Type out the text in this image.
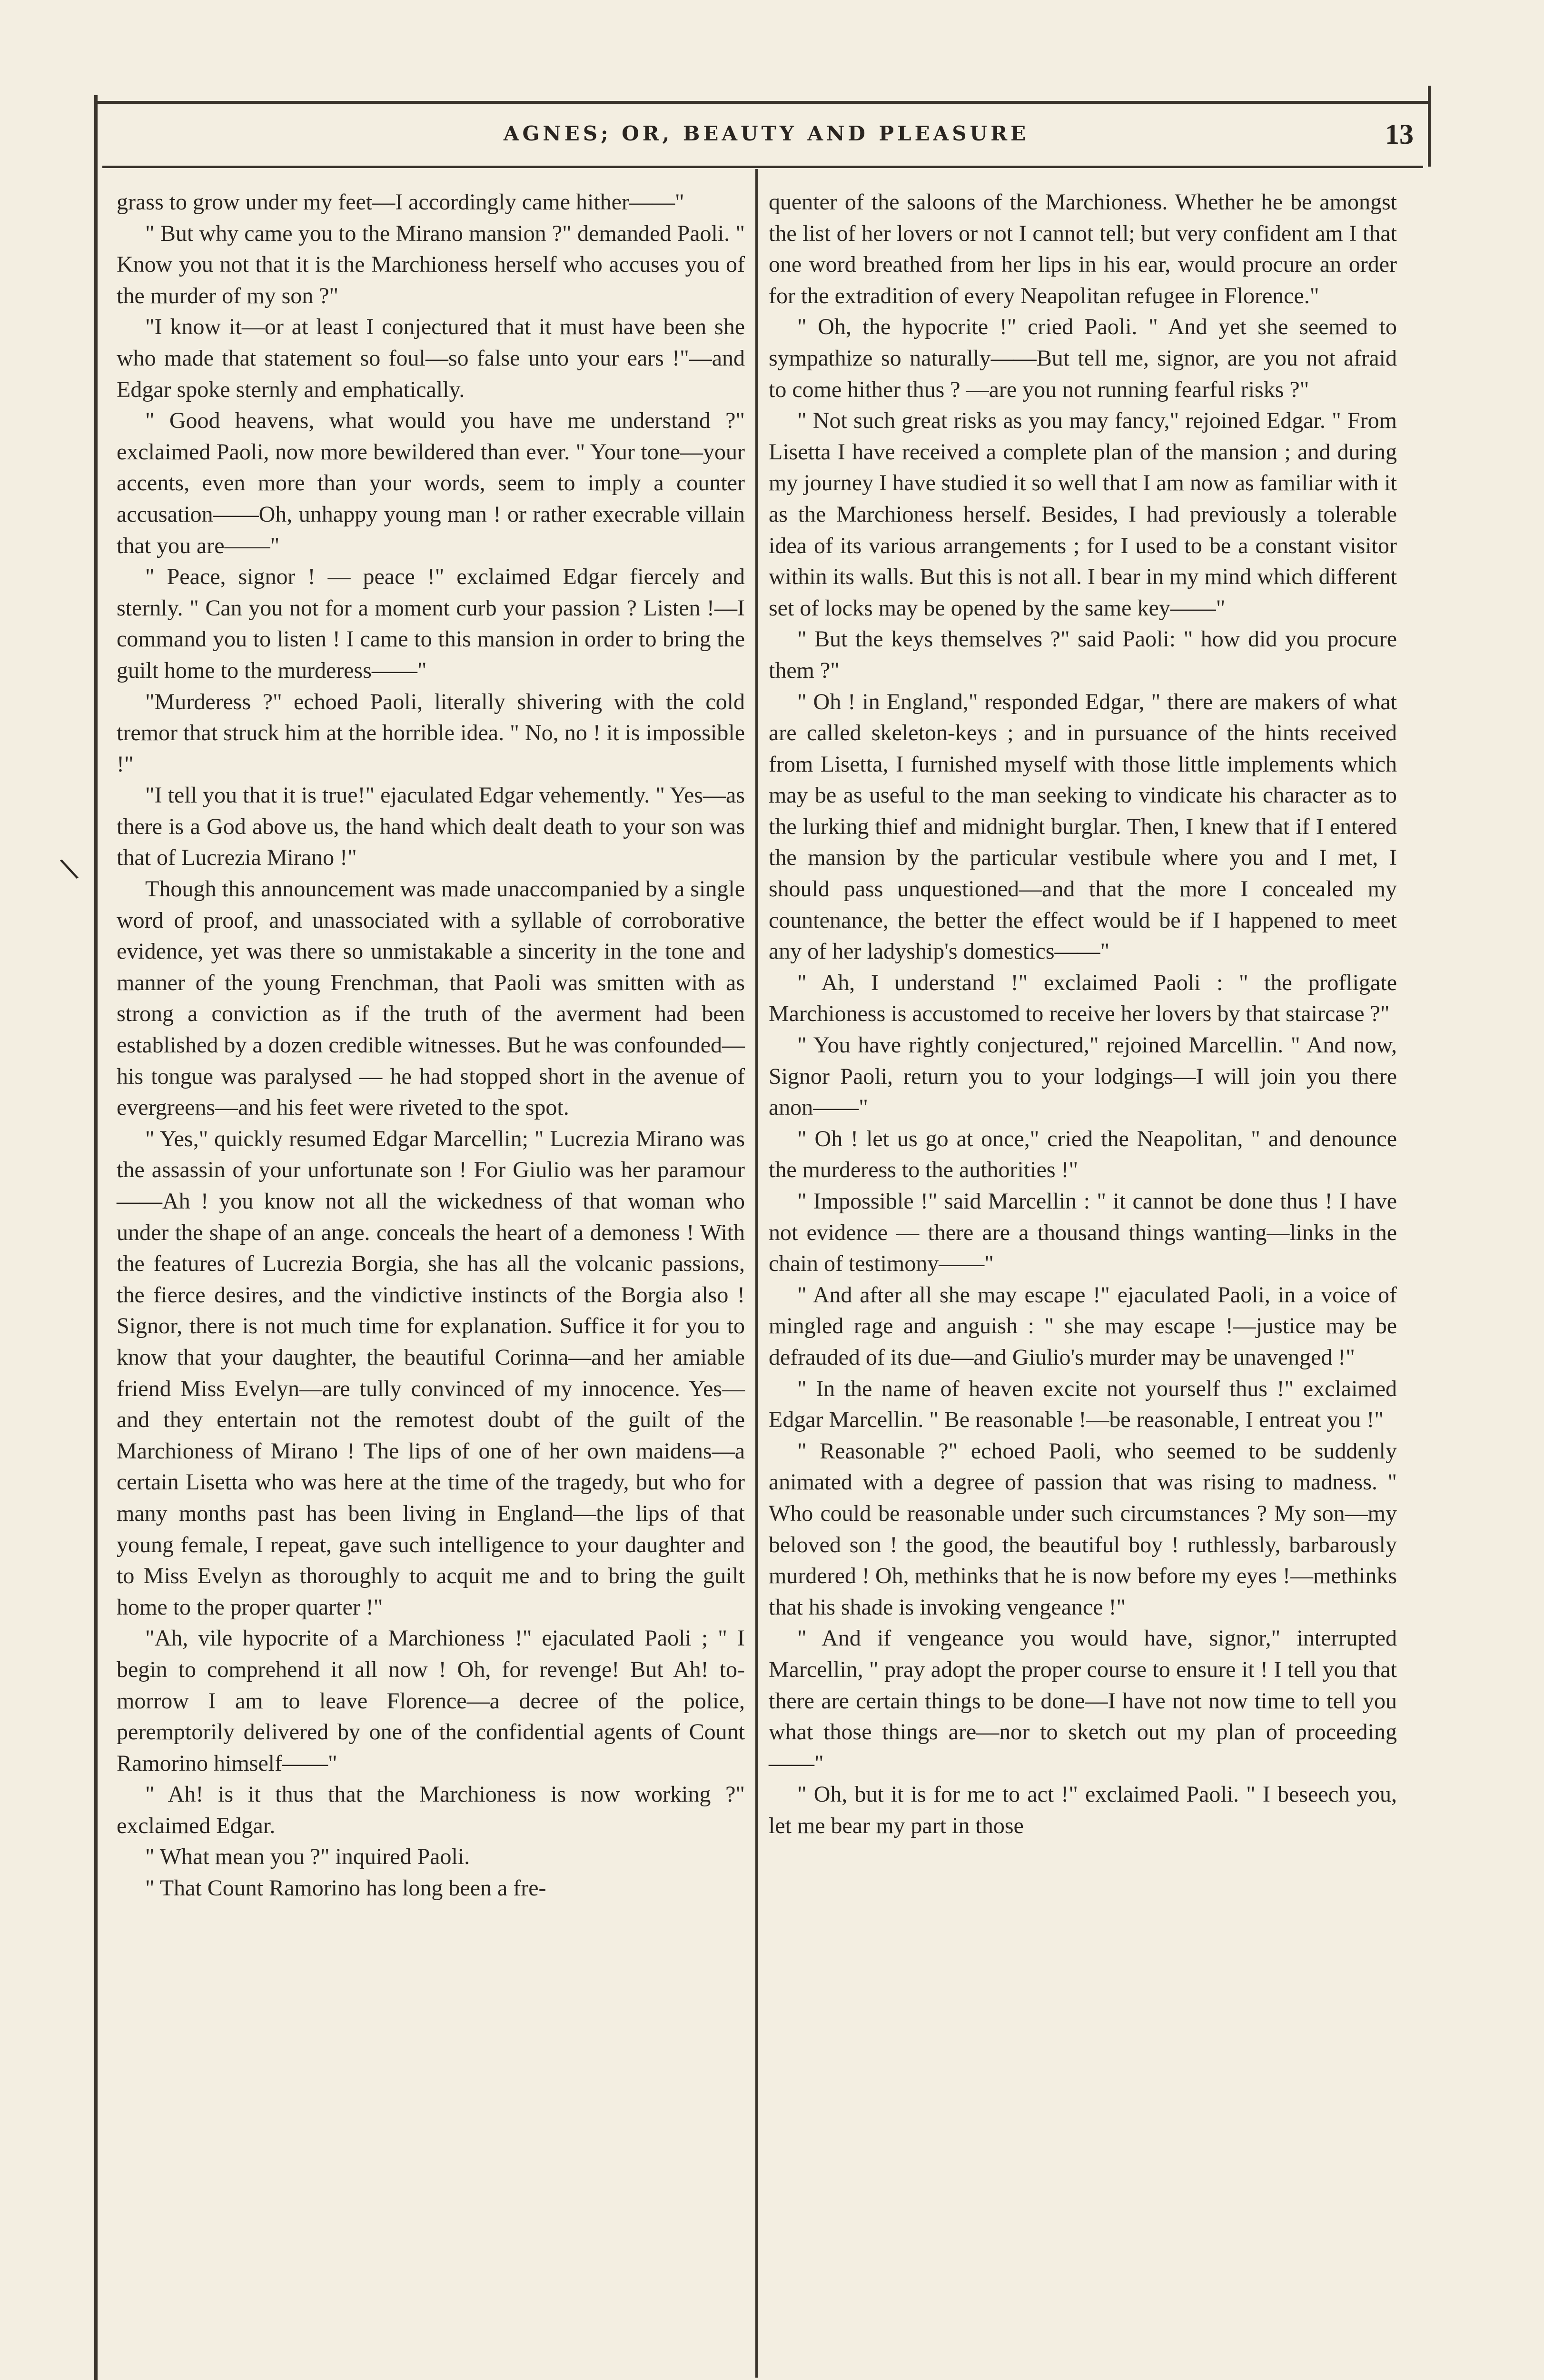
AGNES; OR, BEAUTY AND PLEASURE	13
\

grass to grow under my feet—I accordingly came hither——"

" But why came you to the Mirano mansion ?" demanded Paoli. " Know you not that it is the Marchioness herself who accuses you of the murder of my son ?"

"I know it—or at least I conjectured that it must have been she who made that statement so foul—so false unto your ears !"—and Edgar spoke sternly and emphatically.

" Good heavens, what would you have me understand ?" exclaimed Paoli, now more bewildered than ever. " Your tone—your accents, even more than your words, seem to imply a counter accusation——Oh, unhappy young man ! or rather execrable villain that you are——"

" Peace, signor ! — peace !" exclaimed Edgar fiercely and sternly. " Can you not for a moment curb your passion ? Listen !—I command you to listen ! I came to this mansion in order to bring the guilt home to the murderess——"

"Murderess ?" echoed Paoli, literally shivering with the cold tremor that struck him at the horrible idea. " No, no ! it is impossible !"

"I tell you that it is true!" ejaculated Edgar vehemently. " Yes—as there is a God above us, the hand which dealt death to your son was that of Lucrezia Mirano !"

Though this announcement was made unaccompanied by a single word of proof, and unassociated with a syllable of corroborative evidence, yet was there so unmistakable a sincerity in the tone and manner of the young Frenchman, that Paoli was smitten with as strong a conviction as if the truth of the averment had been established by a dozen credible witnesses. But he was confounded—his tongue was paralysed — he had stopped short in the avenue of evergreens—and his feet were riveted to the spot.

" Yes," quickly resumed Edgar Marcellin; " Lucrezia Mirano was the assassin of your unfortunate son ! For Giulio was her paramour——Ah ! you know not all the wickedness of that woman who under the shape of an ange. conceals the heart of a demoness ! With the features of Lucrezia Borgia, she has all the volcanic passions, the fierce desires, and the vindictive instincts of the Borgia also ! Signor, there is not much time for explanation. Suffice it for you to know that your daughter, the beautiful Corinna—and her amiable friend Miss Evelyn—are tully convinced of my innocence. Yes—and they entertain not the remotest doubt of the guilt of the Marchioness of Mirano ! The lips of one of her own maidens—a certain Lisetta who was here at the time of the tragedy, but who for many months past has been living in England—the lips of that young female, I repeat, gave such intelligence to your daughter and to Miss Evelyn as thoroughly to acquit me and to bring the guilt home to the proper quarter !"

"Ah, vile hypocrite of a Marchioness !" ejaculated Paoli ; " I begin to comprehend it all now ! Oh, for revenge! But Ah! to-morrow I am to leave Florence—a decree of the police, peremptorily delivered by one of the confidential agents of Count Ramorino himself——"

" Ah! is it thus that the Marchioness is now working ?" exclaimed Edgar.

" What mean you ?" inquired Paoli.

" That Count Ramorino has long been a fre-

quenter of the saloons of the Marchioness. Whether he be amongst the list of her lovers or not I cannot tell; but very confident am I that one word breathed from her lips in his ear, would procure an order for the extradition of every Neapolitan refugee in Florence."

" Oh, the hypocrite !" cried Paoli. " And yet she seemed to sympathize so naturally——But tell me, signor, are you not afraid to come hither thus ? —are you not running fearful risks ?"

" Not such great risks as you may fancy," rejoined Edgar. " From Lisetta I have received a complete plan of the mansion ; and during my journey I have studied it so well that I am now as familiar with it as the Marchioness herself. Besides, I had previously a tolerable idea of its various arrangements ; for I used to be a constant visitor within its walls. But this is not all. I bear in my mind which different set of locks may be opened by the same key——"

" But the keys themselves ?" said Paoli: " how did you procure them ?"

" Oh ! in England," responded Edgar, " there are makers of what are called skeleton-keys ; and in pursuance of the hints received from Lisetta, I furnished myself with those little implements which may be as useful to the man seeking to vindicate his character as to the lurking thief and midnight burglar. Then, I knew that if I entered the mansion by the particular vestibule where you and I met, I should pass unquestioned—and that the more I concealed my countenance, the better the effect would be if I happened to meet any of her ladyship's domestics——"

" Ah, I understand !" exclaimed Paoli : " the profligate Marchioness is accustomed to receive her lovers by that staircase ?"

" You have rightly conjectured," rejoined Marcellin. " And now, Signor Paoli, return you to your lodgings—I will join you there anon——"

" Oh ! let us go at once," cried the Neapolitan, " and denounce the murderess to the authorities !"

" Impossible !" said Marcellin : " it cannot be done thus ! I have not evidence — there are a thousand things wanting—links in the chain of testimony——"

" And after all she may escape !" ejaculated Paoli, in a voice of mingled rage and anguish : " she may escape !—justice may be defrauded of its due—and Giulio's murder may be unavenged !"

" In the name of heaven excite not yourself thus !" exclaimed Edgar Marcellin. " Be reasonable !—be reasonable, I entreat you !"

" Reasonable ?" echoed Paoli, who seemed to be suddenly animated with a degree of passion that was rising to madness. " Who could be reasonable under such circumstances ? My son—my beloved son ! the good, the beautiful boy ! ruthlessly, barbarously murdered ! Oh, methinks that he is now before my eyes !—methinks that his shade is invoking vengeance !"

" And if vengeance you would have, signor," interrupted Marcellin, " pray adopt the proper course to ensure it ! I tell you that there are certain things to be done—I have not now time to tell you what those things are—nor to sketch out my plan of proceeding——"

" Oh, but it is for me to act !" exclaimed Paoli. " I beseech you, let me bear my part in those
